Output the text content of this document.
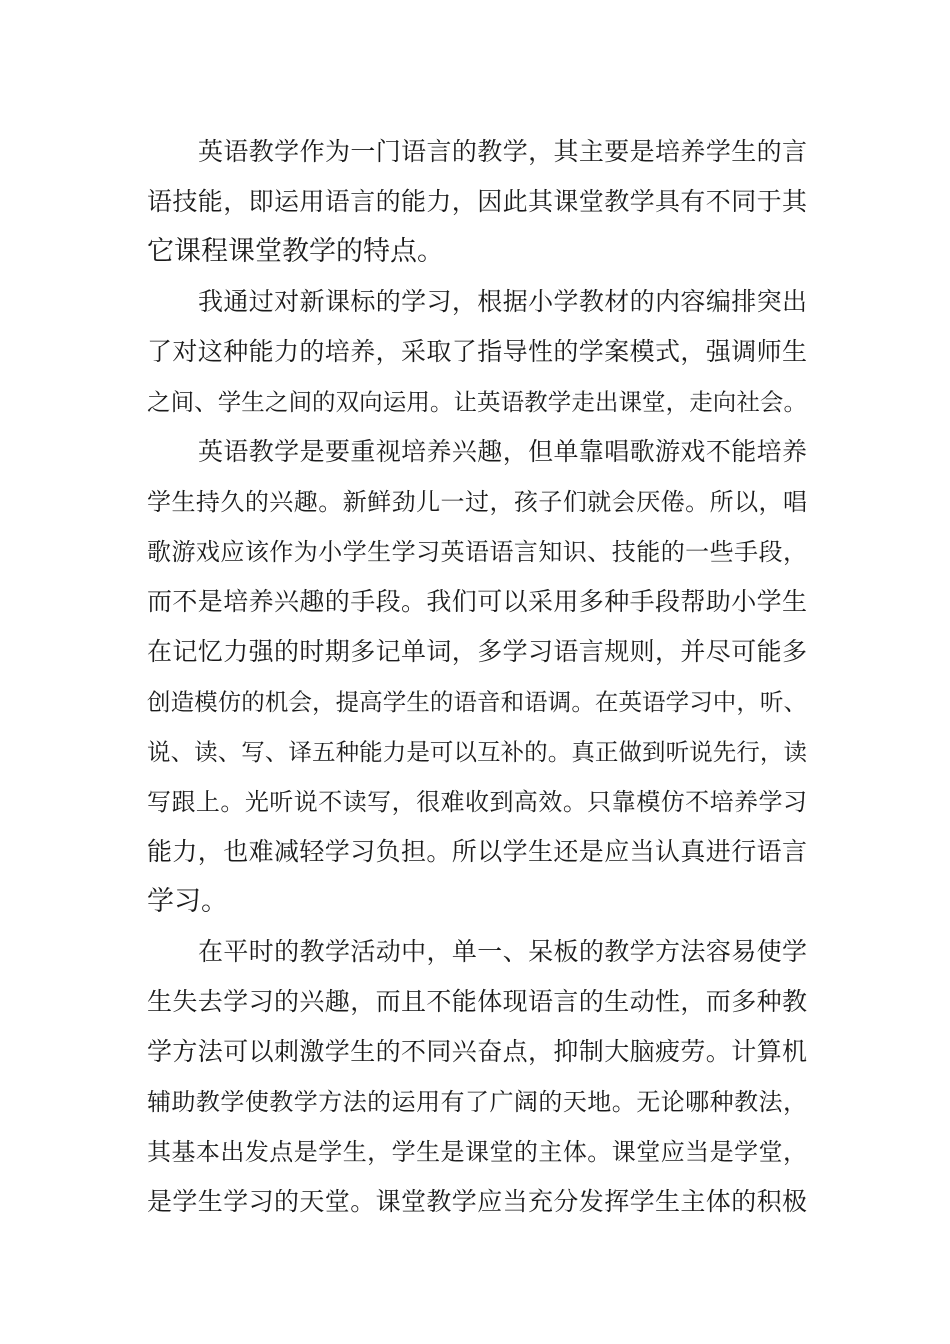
英语教学作为一门语言的教学，其主要是培养学生的言
语技能，即运用语言的能力，因此其课堂教学具有不同于其
它课程课堂教学的特点。
我通过对新课标的学习，根据小学教材的内容编排突出
了对这种能力的培养，采取了指导性的学案模式，强调师生
之间、学生之间的双向运用。让英语教学走出课堂，走向社会。
英语教学是要重视培养兴趣，但单靠唱歌游戏不能培养
学生持久的兴趣。新鲜劲儿一过，孩子们就会厌倦。所以，唱
歌游戏应该作为小学生学习英语语言知识、技能的一些手段，
而不是培养兴趣的手段。我们可以采用多种手段帮助小学生
在记忆力强的时期多记单词，多学习语言规则，并尽可能多
创造模仿的机会，提高学生的语音和语调。在英语学习中，听、
说、读、写、译五种能力是可以互补的。真正做到听说先行，读
写跟上。光听说不读写，很难收到高效。只靠模仿不培养学习
能力，也难减轻学习负担。所以学生还是应当认真进行语言
学习。
在平时的教学活动中，单一、呆板的教学方法容易使学
生失去学习的兴趣，而且不能体现语言的生动性，而多种教
学方法可以刺激学生的不同兴奋点，抑制大脑疲劳。计算机
辅助教学使教学方法的运用有了广阔的天地。无论哪种教法，
其基本出发点是学生，学生是课堂的主体。课堂应当是学堂，
是学生学习的天堂。课堂教学应当充分发挥学生主体的积极
